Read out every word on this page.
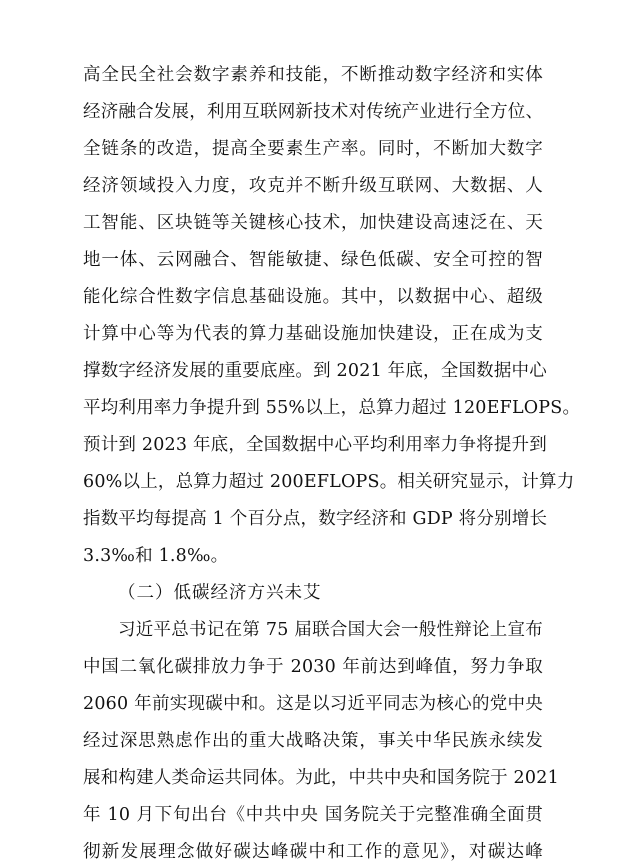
高全民全社会数字素养和技能，不断推动数字经济和实体
经济融合发展，利用互联网新技术对传统产业进行全方位、
全链条的改造，提高全要素生产率。同时，不断加大数字
经济领域投入力度，攻克并不断升级互联网、大数据、人
工智能、区块链等关键核心技术，加快建设高速泛在、天
地一体、云网融合、智能敏捷、绿色低碳、安全可控的智
能化综合性数字信息基础设施。其中，以数据中心、超级
计算中心等为代表的算力基础设施加快建设，正在成为支
撑数字经济发展的重要底座。到 2021 年底，全国数据中心
平均利用率力争提升到 55%以上，总算力超过 120EFLOPS。
预计到 2023 年底，全国数据中心平均利用率力争将提升到
60%以上，总算力超过 200EFLOPS。相关研究显示，计算力
指数平均每提高 1 个百分点，数字经济和 GDP 将分别增长
3.3‰和 1.8‰。
（二）低碳经济方兴未艾
习近平总书记在第 75 届联合国大会一般性辩论上宣布
中国二氧化碳排放力争于 2030 年前达到峰值，努力争取
2060 年前实现碳中和。这是以习近平同志为核心的党中央
经过深思熟虑作出的重大战略决策，事关中华民族永续发
展和构建人类命运共同体。为此，中共中央和国务院于 2021
年 10 月下旬出台《中共中央 国务院关于完整准确全面贯
彻新发展理念做好碳达峰碳中和工作的意见》，对碳达峰
